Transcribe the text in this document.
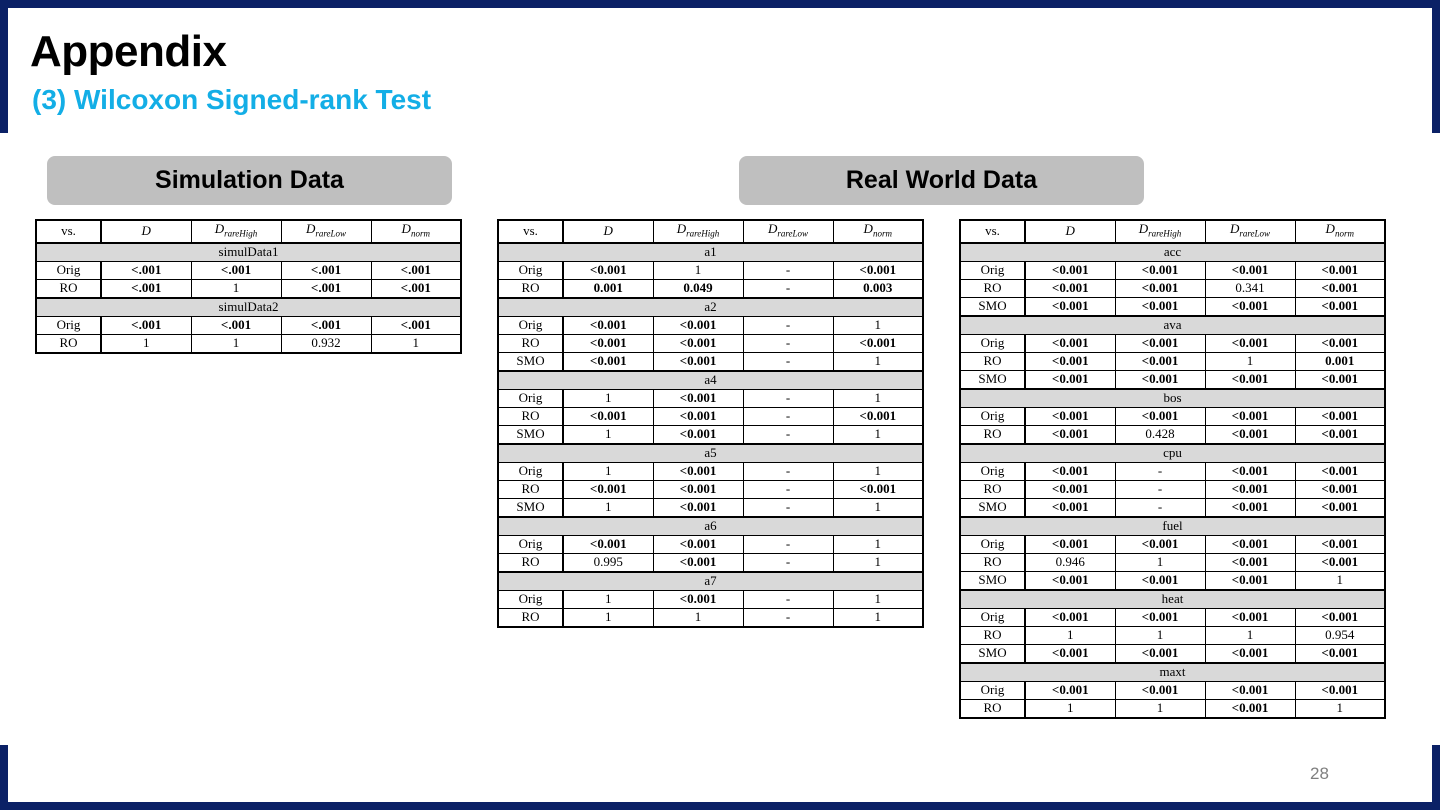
Appendix
(3) Wilcoxon Signed-rank Test
Simulation Data	Real World Data
vs.	D	$D_{rareHigh}$	$D_{rareLow}$	$D_{norm}$
simulData1				
Orig	<.001	<.001	<.001	<.001
RO	<.001	1	<.001	<.001
simulData2				
Orig	<.001	<.001	<.001	<.001
RO	1	1	0.932	1
vs.	D	$D_{rareHigh}$	$D_{rareLow}$	$D_{norm}$
a1				
Orig	<0.001	1	-	<0.001
RO	0.001	0.049	-	0.003
a2				
Orig	<0.001	<0.001	-	1
RO	<0.001	<0.001	-	<0.001
SMO	<0.001	<0.001	-	1
a4				
Orig	1	<0.001	-	1
RO	<0.001	<0.001	-	<0.001
SMO	1	<0.001	-	1
a5				
Orig	1	<0.001	-	1
RO	<0.001	<0.001	-	<0.001
SMO	1	<0.001	-	1
a6				
Orig	<0.001	<0.001	-	1
RO	0.995	<0.001	-	1
a7				
Orig	1	<0.001	-	1
RO	1	1	-	1
vs.	D	$D_{rareHigh}$	$D_{rareLow}$	$D_{norm}$
acc				
Orig	<0.001	<0.001	<0.001	<0.001
RO	<0.001	<0.001	0.341	<0.001
SMO	<0.001	<0.001	<0.001	<0.001
ava				
Orig	<0.001	<0.001	<0.001	<0.001
RO	<0.001	<0.001	1	0.001
SMO	<0.001	<0.001	<0.001	<0.001
bos				
Orig	<0.001	<0.001	<0.001	<0.001
RO	<0.001	0.428	<0.001	<0.001
cpu				
Orig	<0.001	-	<0.001	<0.001
RO	<0.001	-	<0.001	<0.001
SMO	<0.001	-	<0.001	<0.001
fuel				
Orig	<0.001	<0.001	<0.001	<0.001
RO	0.946	1	<0.001	<0.001
SMO	<0.001	<0.001	<0.001	1
heat				
Orig	<0.001	<0.001	<0.001	<0.001
RO	1	1	1	0.954
SMO	<0.001	<0.001	<0.001	<0.001
maxt				
Orig	<0.001	<0.001	<0.001	<0.001
RO	1	1	<0.001	1
28
